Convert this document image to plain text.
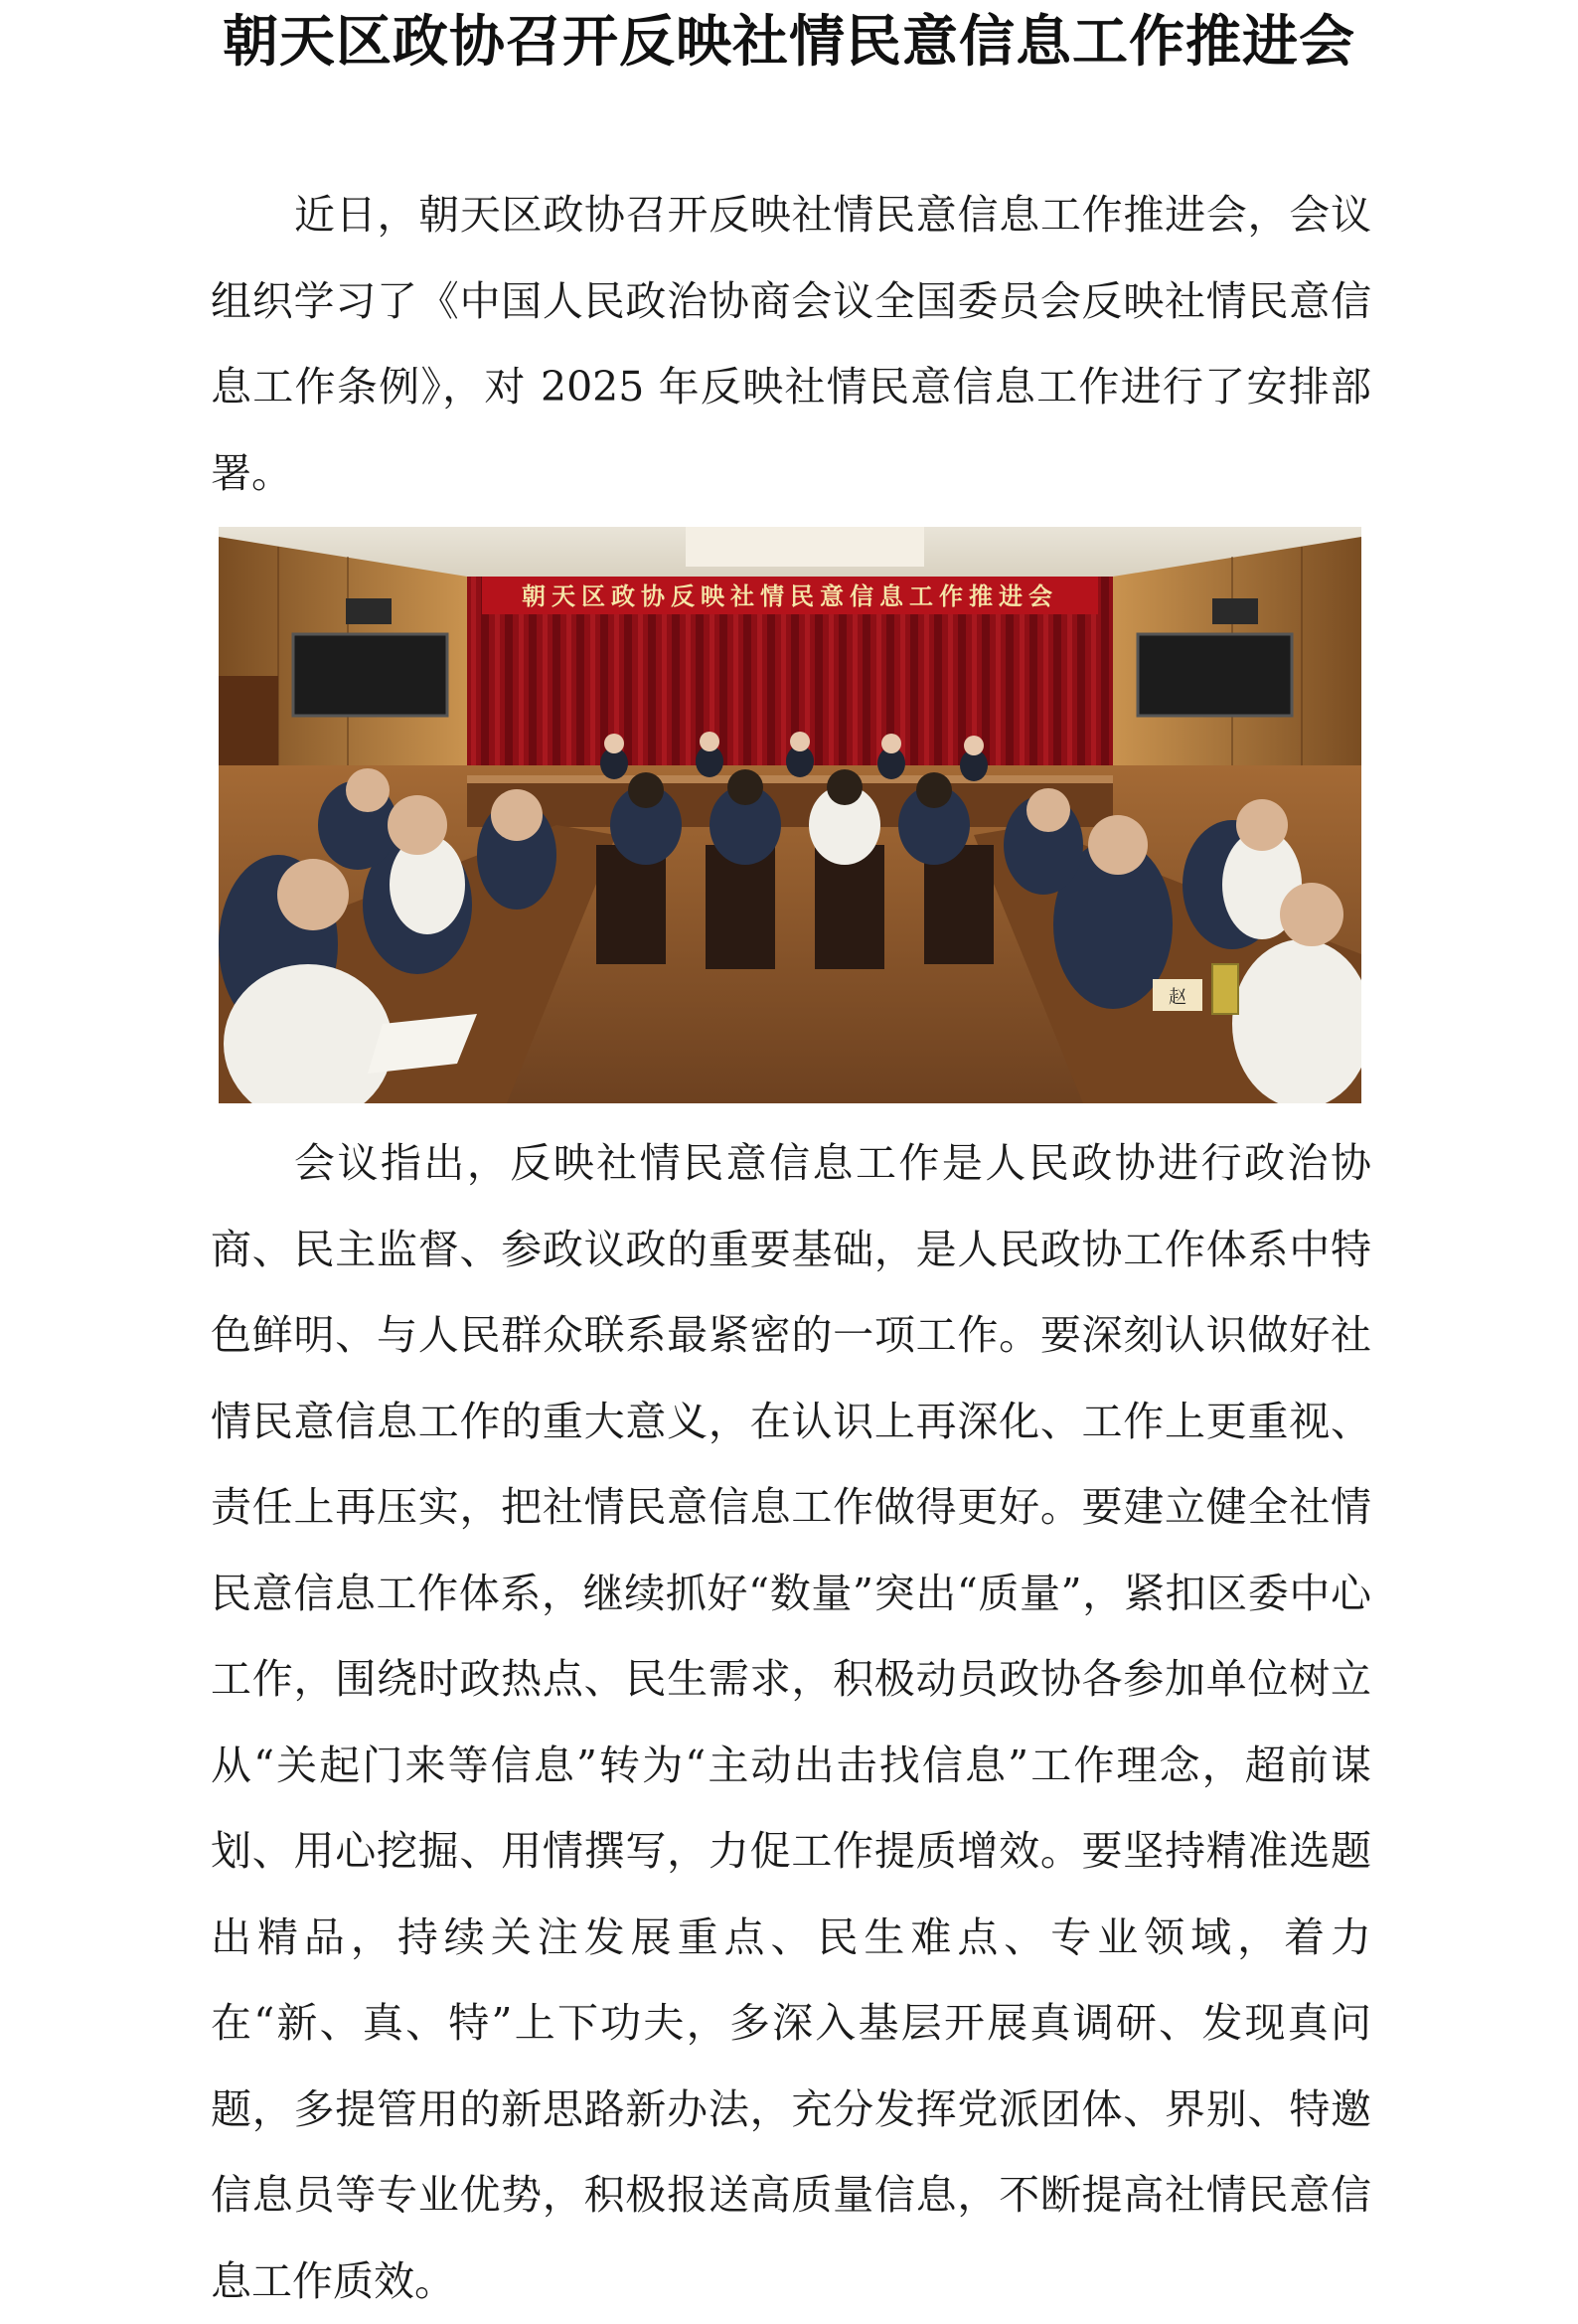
朝天区政协召开反映社情民意信息工作推进会

近日，朝天区政协召开反映社情民意信息工作推进会，会议组织学习了《中国人民政治协商会议全国委员会反映社情民意信息工作条例》，对 2025 年反映社情民意信息工作进行了安排部署。

朝天区政协反映社情民意信息工作推进会
赵

会议指出，反映社情民意信息工作是人民政协进行政治协商、民主监督、参政议政的重要基础，是人民政协工作体系中特色鲜明、与人民群众联系最紧密的一项工作。要深刻认识做好社情民意信息工作的重大意义，在认识上再深化、工作上更重视、责任上再压实，把社情民意信息工作做得更好。要建立健全社情民意信息工作体系，继续抓好“数量”突出“质量”，紧扣区委中心工作，围绕时政热点、民生需求，积极动员政协各参加单位树立从“关起门来等信息”转为“主动出击找信息”工作理念，超前谋划、用心挖掘、用情撰写，力促工作提质增效。要坚持精准选题出精品，持续关注发展重点、民生难点、专业领域，着力在“新、真、特”上下功夫，多深入基层开展真调研、发现真问题，多提管用的新思路新办法，充分发挥党派团体、界别、特邀信息员等专业优势，积极报送高质量信息，不断提高社情民意信息工作质效。
